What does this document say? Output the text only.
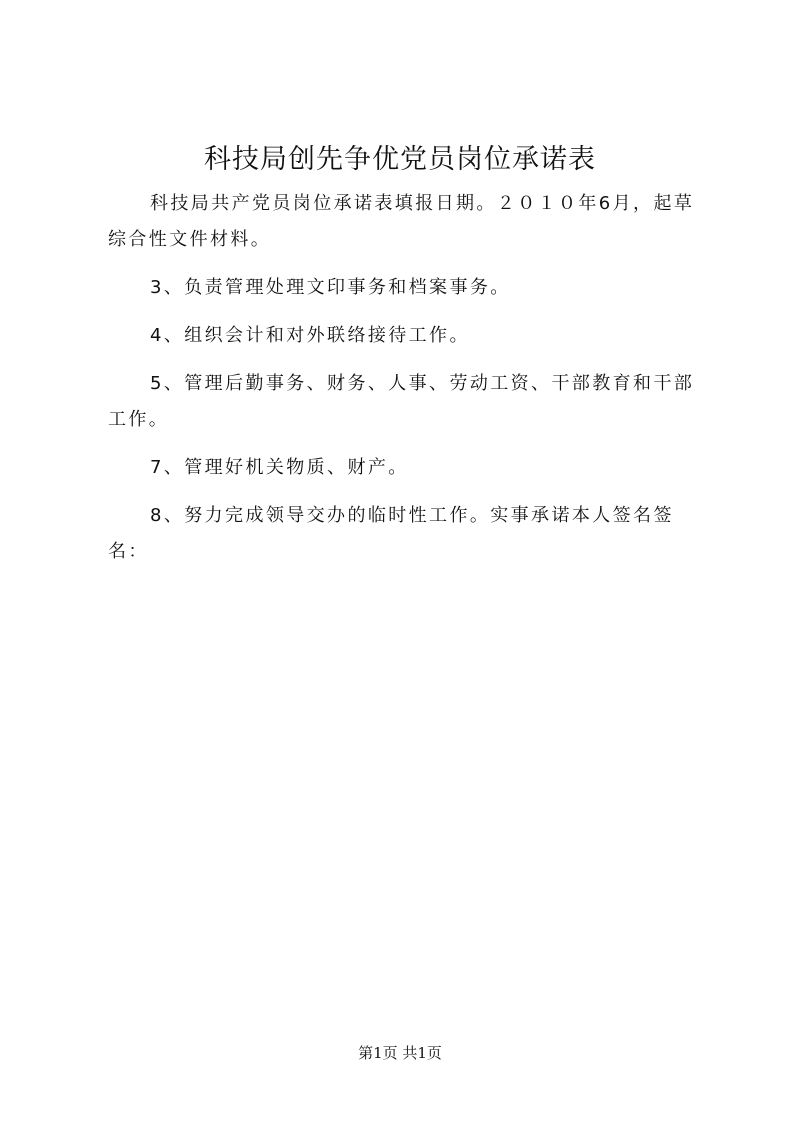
科技局创先争优党员岗位承诺表

科技局共产党员岗位承诺表填报日期。２０１０年6月，起草综合性文件材料。

3、负责管理处理文印事务和档案事务。

4、组织会计和对外联络接待工作。

5、管理后勤事务、财务、人事、劳动工资、干部教育和干部工作。

7、管理好机关物质、财产。

8、努力完成领导交办的临时性工作。实事承诺本人签名签名：

第1页 共1页
